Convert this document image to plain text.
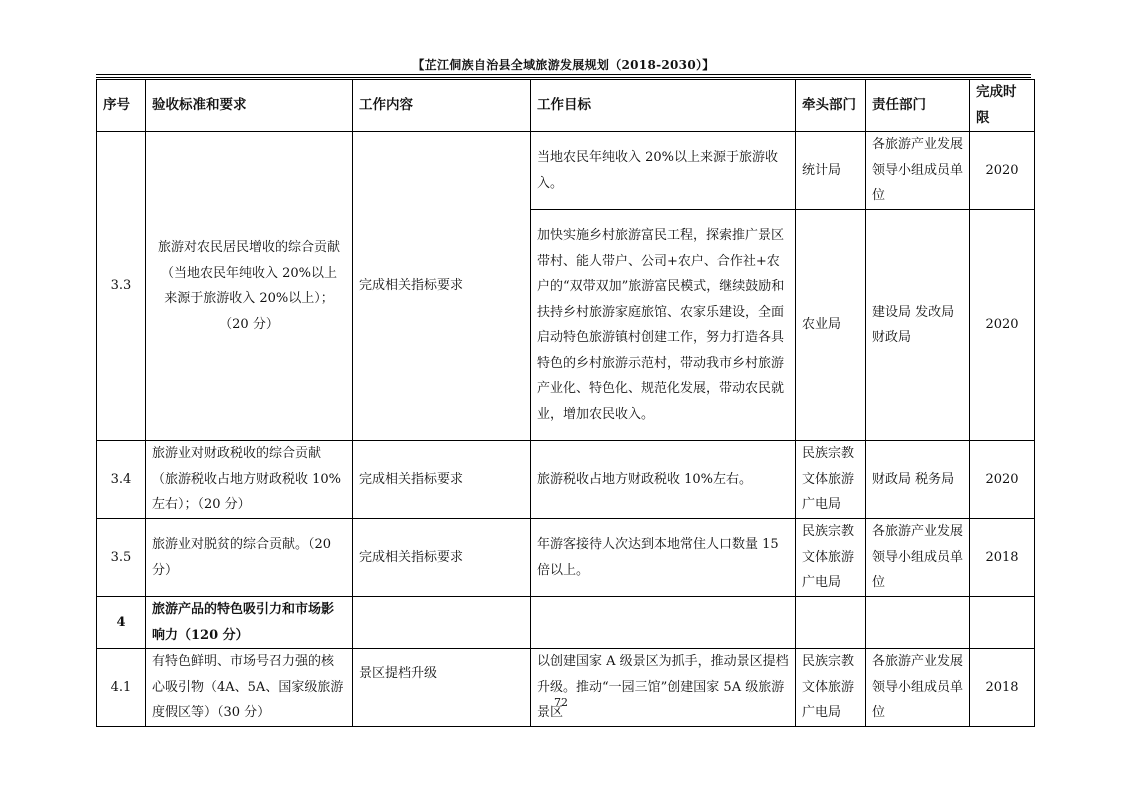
【芷江侗族自治县全域旅游发展规划（2018-2030）】
序号	验收标准和要求	工作内容	工作目标	牵头部门	责任部门	完成时限
3.3	旅游对农民居民增收的综合贡献（当地农民年纯收入 20%以上来源于旅游收入 20%以上）；（20 分）	完成相关指标要求	当地农民年纯收入 20%以上来源于旅游收入。	统计局	各旅游产业发展领导小组成员单位	2020
			加快实施乡村旅游富民工程，探索推广景区带村、能人带户、公司+农户、合作社+农户的“双带双加”旅游富民模式，继续鼓励和扶持乡村旅游家庭旅馆、农家乐建设，全面启动特色旅游镇村创建工作，努力打造各具特色的乡村旅游示范村，带动我市乡村旅游产业化、特色化、规范化发展，带动农民就业，增加农民收入。	农业局	建设局 发改局 财政局	2020
3.4	旅游业对财政税收的综合贡献（旅游税收占地方财政税收 10%左右）；（20 分）	完成相关指标要求	旅游税收占地方财政税收 10%左右。	民族宗教文体旅游广电局	财政局 税务局	2020
3.5	旅游业对脱贫的综合贡献。（20 分）	完成相关指标要求	年游客接待人次达到本地常住人口数量 15 倍以上。	民族宗教文体旅游广电局	各旅游产业发展领导小组成员单位	2018
4	旅游产品的特色吸引力和市场影响力（120 分）					
4.1	有特色鲜明、市场号召力强的核心吸引物（4A、5A、国家级旅游度假区等）（30 分）	景区提档升级	以创建国家 A 级景区为抓手，推动景区提档升级。推动“一园三馆”创建国家 5A 级旅游景区	民族宗教文体旅游广电局	各旅游产业发展领导小组成员单位	2018
72
